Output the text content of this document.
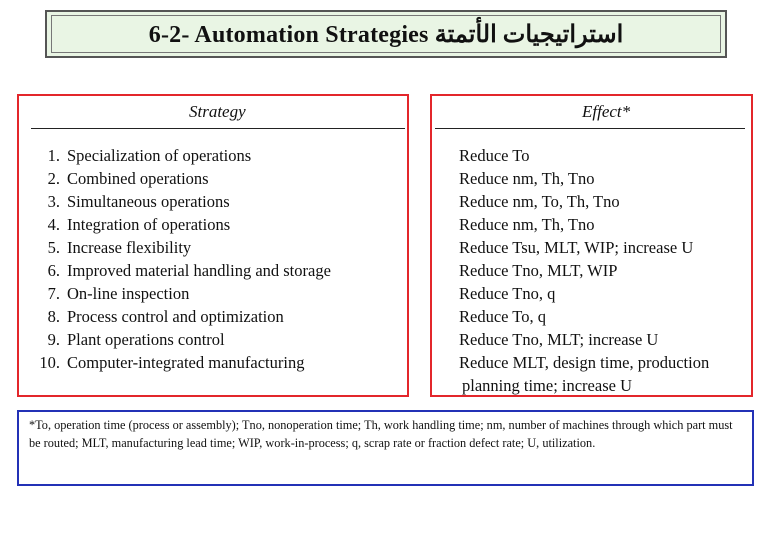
6-2- Automation Strategies استراتيجيات الأتمتة
Strategy
1. Specialization of operations
2. Combined operations
3. Simultaneous operations
4. Integration of operations
5. Increase flexibility
6. Improved material handling and storage
7. On-line inspection
8. Process control and optimization
9. Plant operations control
10. Computer-integrated manufacturing
Effect*
Reduce To
Reduce nm, Th, Tno
Reduce nm, To, Th, Tno
Reduce nm, Th, Tno
Reduce Tsu, MLT, WIP; increase U
Reduce Tno, MLT, WIP
Reduce Tno, q
Reduce To, q
Reduce Tno, MLT; increase U
Reduce MLT, design time, production
planning time; increase U
*To, operation time (process or assembly); Tno, nonoperation time; Th, work handling time; nm, number of machines through which part must be routed; MLT, manufacturing lead time; WIP, work-in-process; q, scrap rate or fraction defect rate; U, utilization.
